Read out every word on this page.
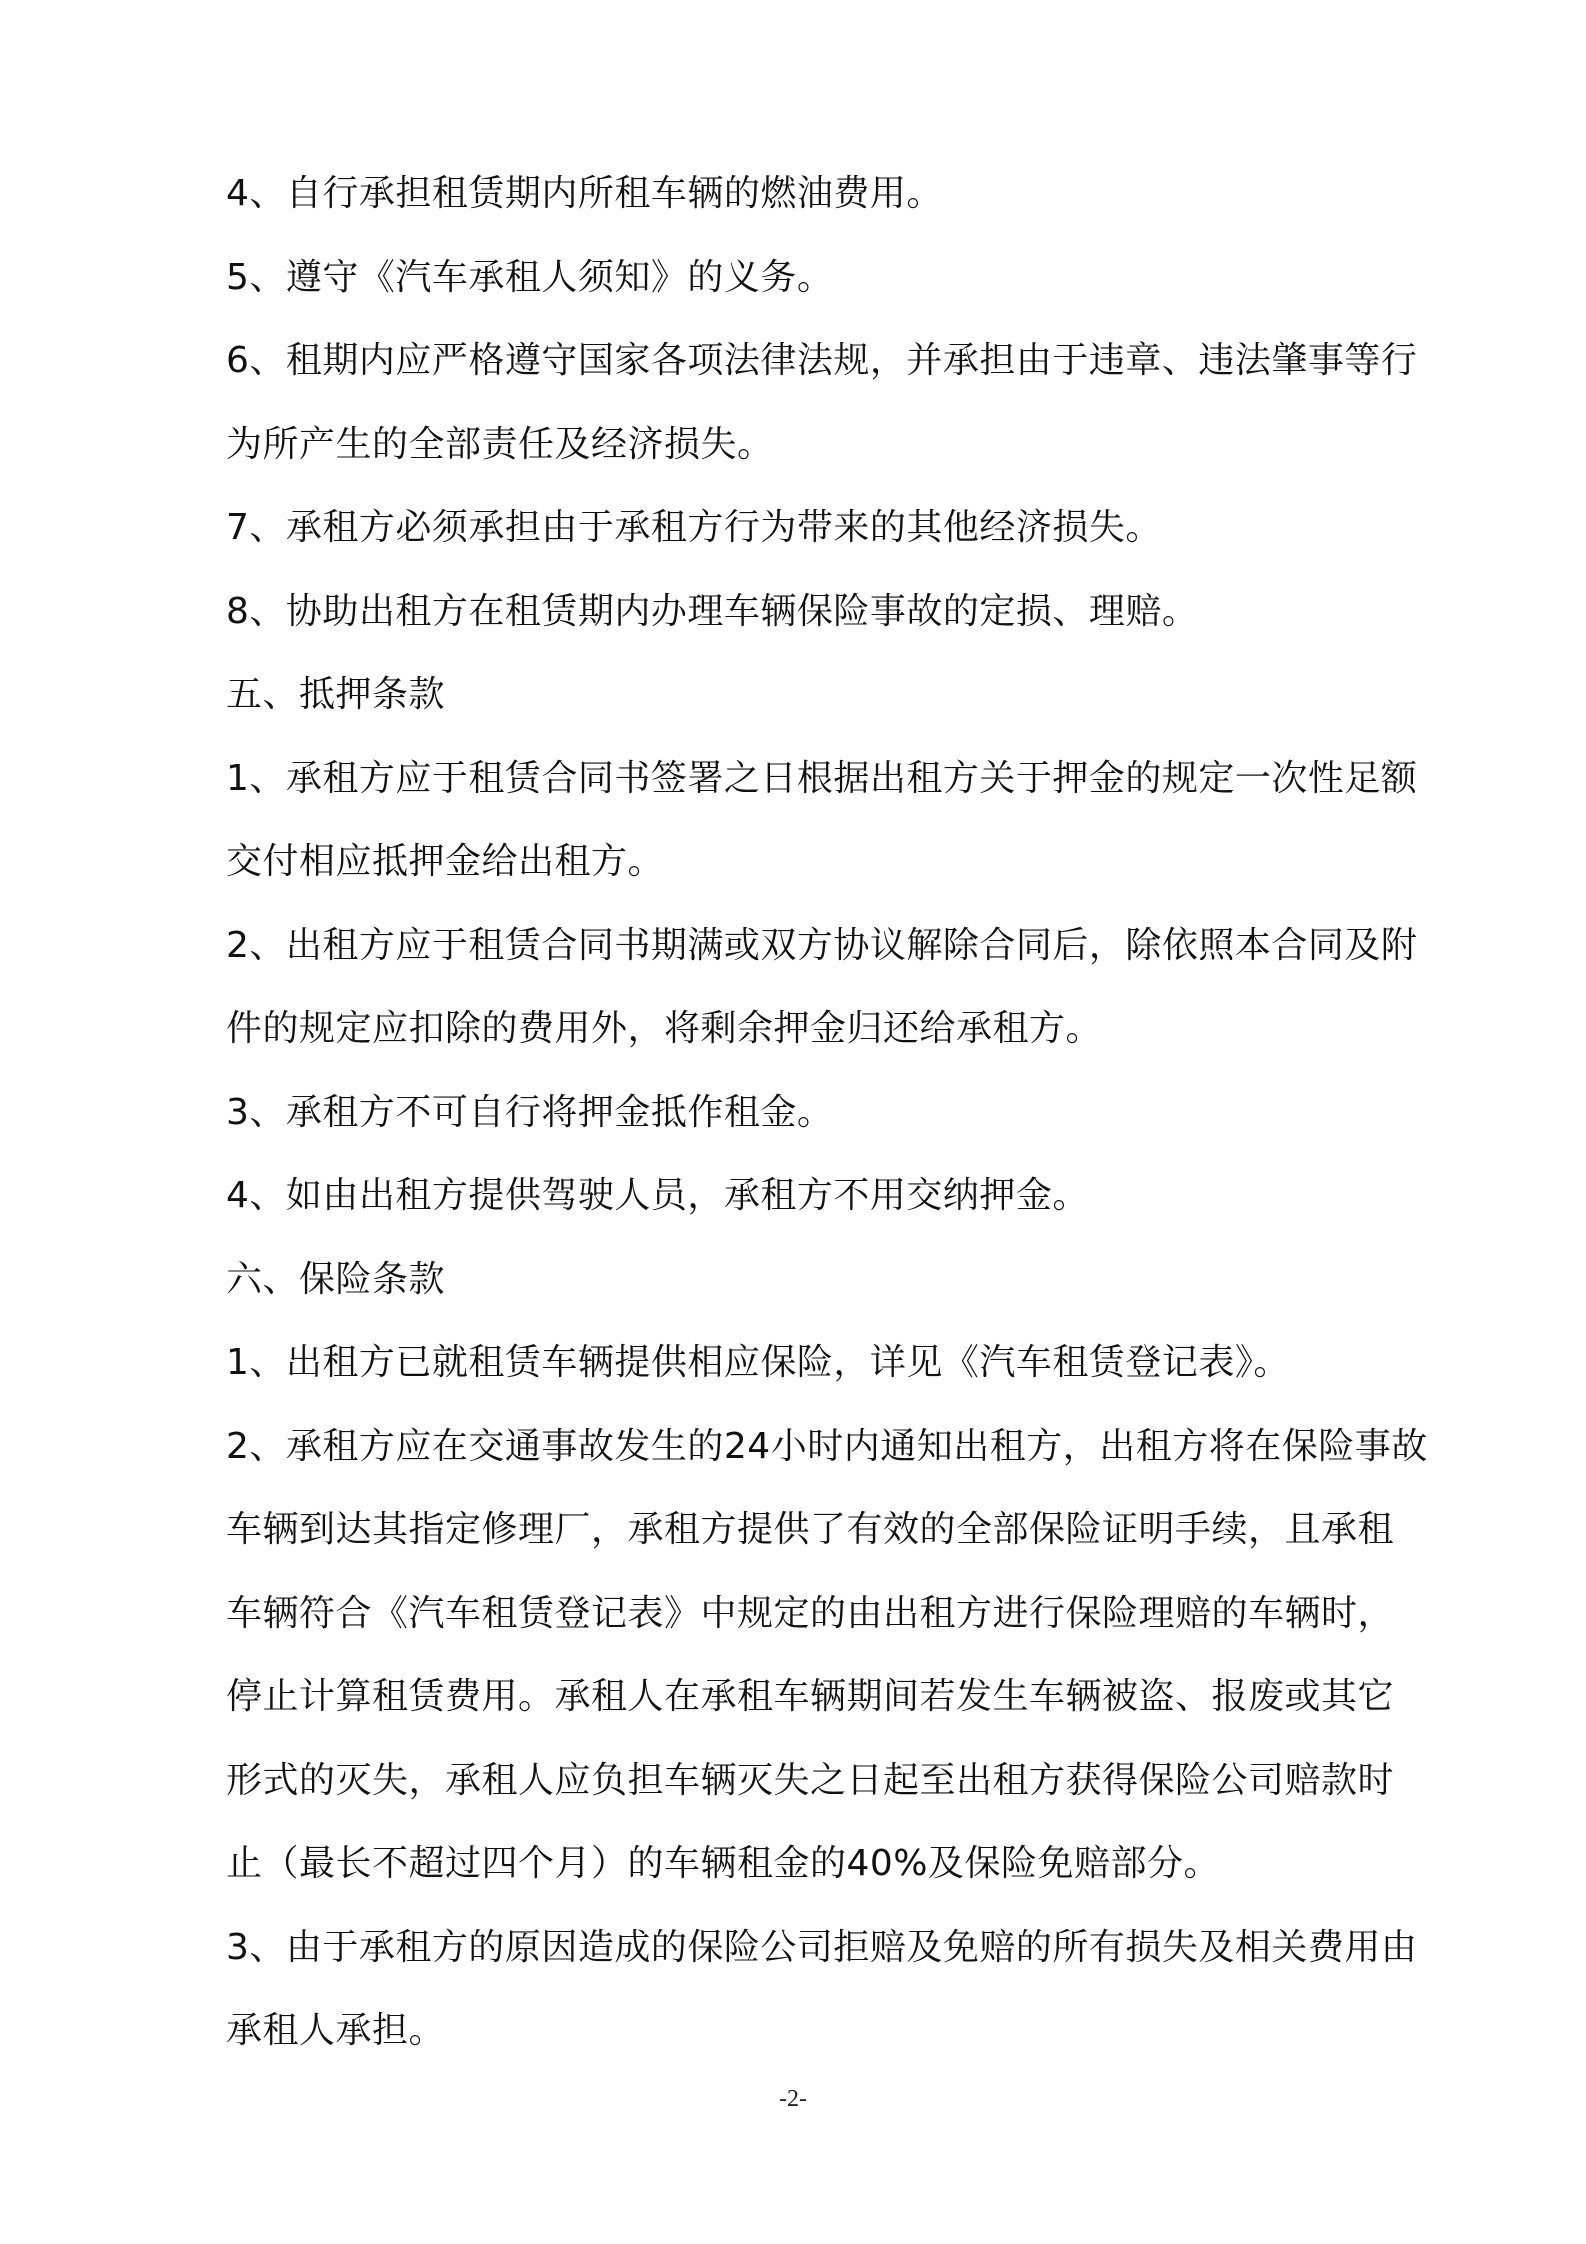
4、自行承担租赁期内所租车辆的燃油费用。
5、遵守《汽车承租人须知》的义务。
6、租期内应严格遵守国家各项法律法规，并承担由于违章、违法肇事等行
为所产生的全部责任及经济损失。
7、承租方必须承担由于承租方行为带来的其他经济损失。
8、协助出租方在租赁期内办理车辆保险事故的定损、理赔。
五、抵押条款
1、承租方应于租赁合同书签署之日根据出租方关于押金的规定一次性足额
交付相应抵押金给出租方。
2、出租方应于租赁合同书期满或双方协议解除合同后，除依照本合同及附
件的规定应扣除的费用外，将剩余押金归还给承租方。
3、承租方不可自行将押金抵作租金。
4、如由出租方提供驾驶人员，承租方不用交纳押金。
六、保险条款
1、出租方已就租赁车辆提供相应保险，详见《汽车租赁登记表》。
2、承租方应在交通事故发生的24小时内通知出租方，出租方将在保险事故
车辆到达其指定修理厂，承租方提供了有效的全部保险证明手续，且承租
车辆符合《汽车租赁登记表》中规定的由出租方进行保险理赔的车辆时，
停止计算租赁费用。承租人在承租车辆期间若发生车辆被盗、报废或其它
形式的灭失，承租人应负担车辆灭失之日起至出租方获得保险公司赔款时
止（最长不超过四个月）的车辆租金的40%及保险免赔部分。
3、由于承租方的原因造成的保险公司拒赔及免赔的所有损失及相关费用由
承租人承担。
-2-
